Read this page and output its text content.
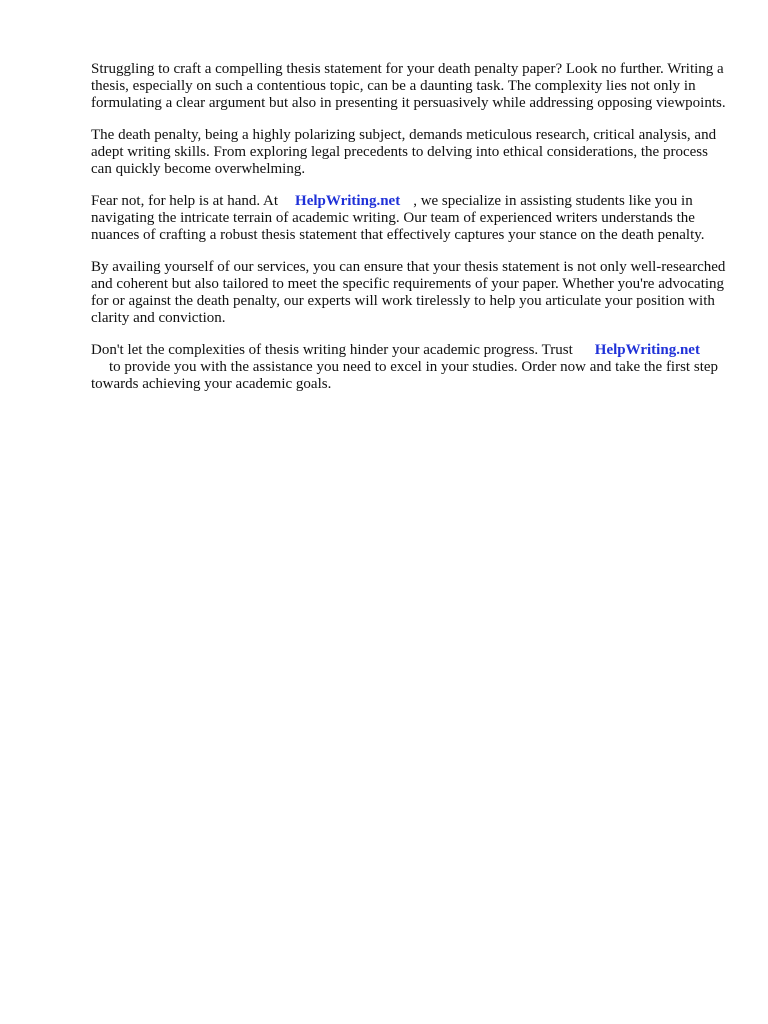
Struggling to craft a compelling thesis statement for your death penalty paper? Look no further. Writing a thesis, especially on such a contentious topic, can be a daunting task. The complexity lies not only in formulating a clear argument but also in presenting it persuasively while addressing opposing viewpoints.

The death penalty, being a highly polarizing subject, demands meticulous research, critical analysis, and adept writing skills. From exploring legal precedents to delving into ethical considerations, the process can quickly become overwhelming.

Fear not, for help is at hand. At HelpWriting.net , we specialize in assisting students like you in navigating the intricate terrain of academic writing. Our team of experienced writers understands the nuances of crafting a robust thesis statement that effectively captures your stance on the death penalty.

By availing yourself of our services, you can ensure that your thesis statement is not only well-researched and coherent but also tailored to meet the specific requirements of your paper. Whether you're advocating for or against the death penalty, our experts will work tirelessly to help you articulate your position with clarity and conviction.

Don't let the complexities of thesis writing hinder your academic progress. Trust HelpWriting.net
to provide you with the assistance you need to excel in your studies. Order now and take the first step towards achieving your academic goals.
